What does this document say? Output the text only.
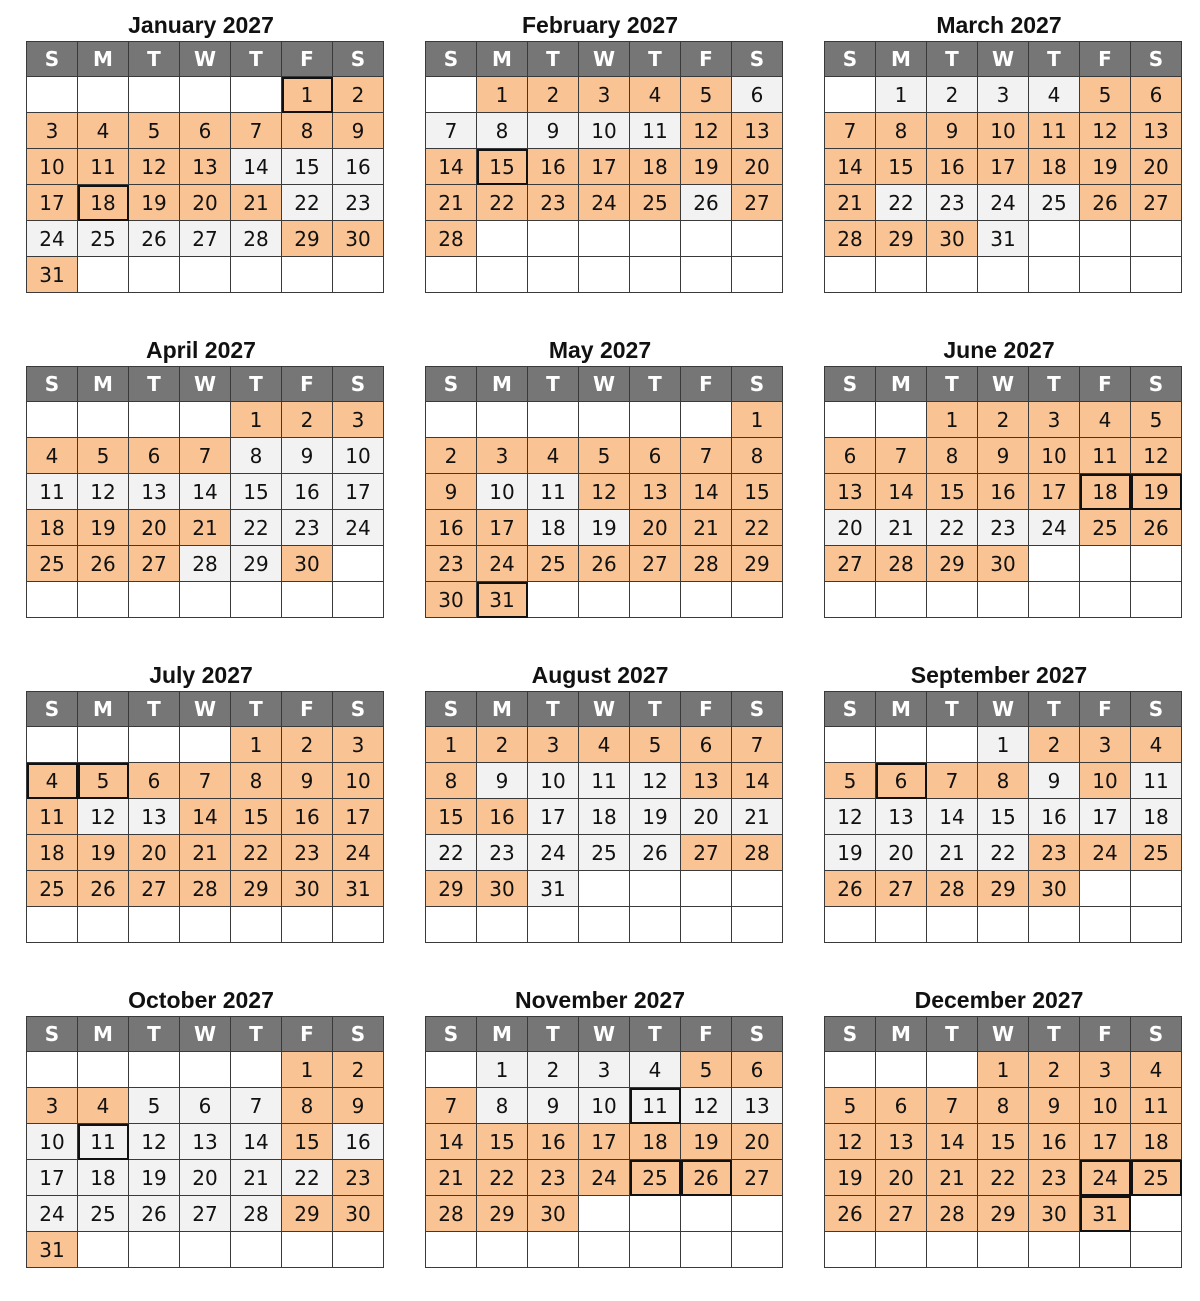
January 2027
S	M	T	W	T	F	S
					1	2
3	4	5	6	7	8	9
10	11	12	13	14	15	16
17	18	19	20	21	22	23
24	25	26	27	28	29	30
31						
February 2027
S	M	T	W	T	F	S
	1	2	3	4	5	6
7	8	9	10	11	12	13
14	15	16	17	18	19	20
21	22	23	24	25	26	27
28						

March 2027
S	M	T	W	T	F	S
	1	2	3	4	5	6
7	8	9	10	11	12	13
14	15	16	17	18	19	20
21	22	23	24	25	26	27
28	29	30	31			

April 2027
S	M	T	W	T	F	S
				1	2	3
4	5	6	7	8	9	10
11	12	13	14	15	16	17
18	19	20	21	22	23	24
25	26	27	28	29	30	

May 2027
S	M	T	W	T	F	S
						1
2	3	4	5	6	7	8
9	10	11	12	13	14	15
16	17	18	19	20	21	22
23	24	25	26	27	28	29
30	31					
June 2027
S	M	T	W	T	F	S
		1	2	3	4	5
6	7	8	9	10	11	12
13	14	15	16	17	18	19
20	21	22	23	24	25	26
27	28	29	30			

July 2027
S	M	T	W	T	F	S
				1	2	3
4	5	6	7	8	9	10
11	12	13	14	15	16	17
18	19	20	21	22	23	24
25	26	27	28	29	30	31

August 2027
S	M	T	W	T	F	S
1	2	3	4	5	6	7
8	9	10	11	12	13	14
15	16	17	18	19	20	21
22	23	24	25	26	27	28
29	30	31				

September 2027
S	M	T	W	T	F	S
			1	2	3	4
5	6	7	8	9	10	11
12	13	14	15	16	17	18
19	20	21	22	23	24	25
26	27	28	29	30		

October 2027
S	M	T	W	T	F	S
					1	2
3	4	5	6	7	8	9
10	11	12	13	14	15	16
17	18	19	20	21	22	23
24	25	26	27	28	29	30
31						
November 2027
S	M	T	W	T	F	S
	1	2	3	4	5	6
7	8	9	10	11	12	13
14	15	16	17	18	19	20
21	22	23	24	25	26	27
28	29	30				

December 2027
S	M	T	W	T	F	S
			1	2	3	4
5	6	7	8	9	10	11
12	13	14	15	16	17	18
19	20	21	22	23	24	25
26	27	28	29	30	31	
